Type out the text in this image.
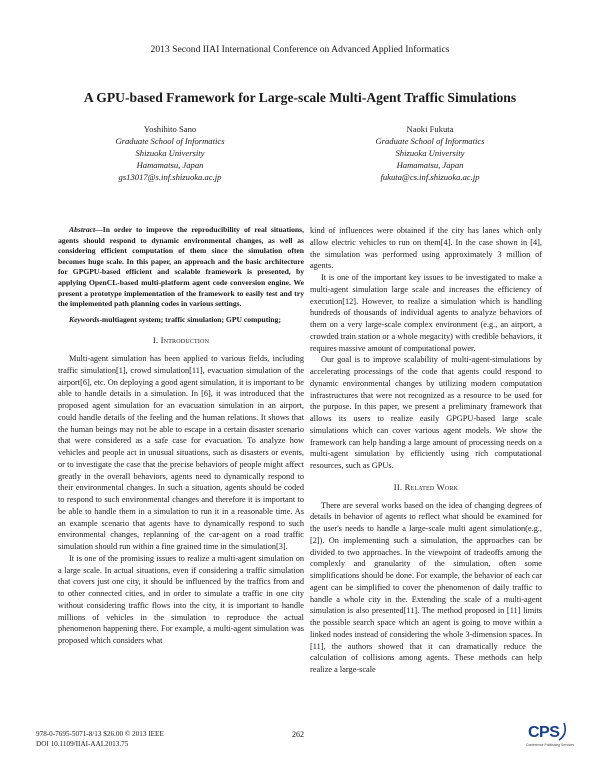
2013 Second IIAI International Conference on Advanced Applied Informatics
A GPU-based Framework for Large-scale Multi-Agent Traffic Simulations
Yoshihito Sano
Graduate School of Informatics
Shizuoka University
Hamamatsu, Japan
gs13017@s.inf.shizuoka.ac.jp
Naoki Fukuta
Graduate School of Informatics
Shizuoka University
Hamamatsu, Japan
fukuta@cs.inf.shizuoka.ac.jp
Abstract—In order to improve the reproducibility of real situations, agents should respond to dynamic environmental changes, as well as considering efficient computation of them since the simulation often becomes huge scale. In this paper, an approach and the basic architecture for GPGPU-based efficient and scalable framework is presented, by applying OpenCL-based multi-platform agent code conversion engine. We present a prototype implementation of the framework to easily test and try the implemented path planning codes in various settings.
Keywords-multiagent system; traffic simulation; GPU computing;
I. Introduction

Multi-agent simulation has been applied to various fields, including traffic simulation[1], crowd simulation[11], evacuation simulation of the airport[6], etc. On deploying a good agent simulation, it is important to be able to handle details in a simulation. In [6], it was introduced that the proposed agent simulation for an evacuation simulation in an airport, could handle details of the feeling and the human relations. It shows that the human beings may not be able to escape in a certain disaster scenario that were considered as a safe case for evacuation. To analyze how vehicles and people act in unusual situations, such as disasters or events, or to investigate the case that the precise behaviors of people might affect greatly in the overall behaviors, agents need to dynamically respond to their environmental changes. In such a situation, agents should be coded to respond to such environmental changes and therefore it is important to be able to handle them in a simulation to run it in a reasonable time. As an example scenario that agents have to dynamically respond to such environmental changes, replanning of the car-agent on a road traffic simulation should run within a fine grained time in the simulation[3].

It is one of the promising issues to realize a multi-agent simulation on a large scale. In actual situations, even if considering a traffic simulation that covers just one city, it should be influenced by the traffics from and to other connected cities, and in order to simulate a traffic in one city without considering traffic flows into the city, it is important to handle millions of vehicles in the simulation to reproduce the actual phenomenon happening there. For example, a multi-agent simulation was proposed which considers what

kind of influences were obtained if the city has lanes which only allow electric vehicles to run on them[4]. In the case shown in [4], the simulation was performed using approximately 3 million of agents.

It is one of the important key issues to be investigated to make a multi-agent simulation large scale and increases the efficiency of execution[12]. However, to realize a simulation which is handling hundreds of thousands of individual agents to analyze behaviors of them on a very large-scale complex environment (e.g., an airport, a crowded train station or a whole megacity) with credible behaviors, it requires massive amount of computational power.

Our goal is to improve scalability of multi-agent-simulations by accelerating processings of the code that agents could respond to dynamic environmental changes by utilizing modern computation infrastructures that were not recognized as a resource to be used for the purpose. In this paper, we present a preliminary framework that allows its users to realize easily GPGPU-based large scale simulations which can cover various agent models. We show the framework can help handing a large amount of processing needs on a multi-agent simulation by efficiently using rich computational resources, such as GPUs.

II. Related Work

There are several works based on the idea of changing degrees of details in behavior of agents to reflect what should be examined for the user's needs to handle a large-scale multi agent simulation(e.g., [2]). On implementing such a simulation, the approaches can be divided to two approaches. In the viewpoint of tradeoffs among the complexly and granularity of the simulation, often some simplifications should be done. For example, the behavior of each car agent can be simplified to cover the phenomenon of daily traffic to handle a whole city in the. Extending the scale of a multi-agent simulation is also presented[11]. The method proposed in [11] limits the possible search space which an agent is going to move within a linked nodes instead of considering the whole 3-dimension spaces. In [11], the authors showed that it can dramatically reduce the calculation of collisions among agents. These methods can help realize a large-scale

978-0-7695-5071-8/13 $26.00 © 2013 IEEE
DOI 10.1109/IIAI-AAI.2013.75
262	CPS
Conference Publishing Services
